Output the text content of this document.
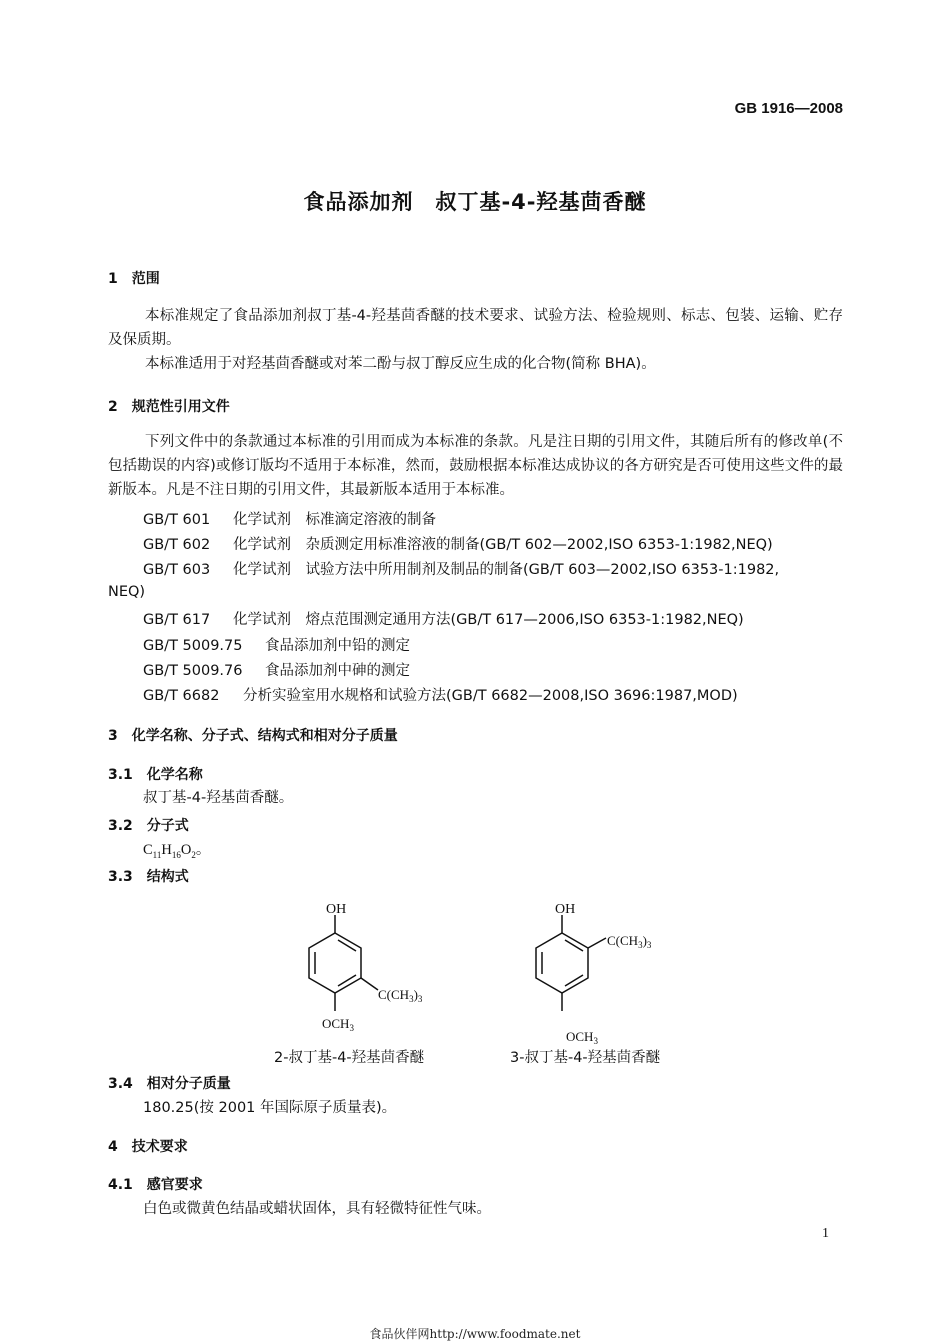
GB 1916—2008
食品添加剂　叔丁基-4-羟基茴香醚
1　范围
本标准规定了食品添加剂叔丁基-4-羟基茴香醚的技术要求、试验方法、检验规则、标志、包装、运输、贮存及保质期。
本标准适用于对羟基茴香醚或对苯二酚与叔丁醇反应生成的化合物(简称 BHA)。
2　规范性引用文件
下列文件中的条款通过本标准的引用而成为本标准的条款。凡是注日期的引用文件，其随后所有的修改单(不包括勘误的内容)或修订版均不适用于本标准，然而，鼓励根据本标准达成协议的各方研究是否可使用这些文件的最新版本。凡是不注日期的引用文件，其最新版本适用于本标准。
GB/T 601 化学试剂　标准滴定溶液的制备
GB/T 602 化学试剂　杂质测定用标准溶液的制备(GB/T 602—2002,ISO 6353-1:1982,NEQ)
GB/T 603 化学试剂　试验方法中所用制剂及制品的制备(GB/T 603—2002,ISO 6353-1:1982,
NEQ)
GB/T 617 化学试剂　熔点范围测定通用方法(GB/T 617—2006,ISO 6353-1:1982,NEQ)
GB/T 5009.75 食品添加剂中铅的测定
GB/T 5009.76 食品添加剂中砷的测定
GB/T 6682 分析实验室用水规格和试验方法(GB/T 6682—2008,ISO 3696:1987,MOD)
3　化学名称、分子式、结构式和相对分子质量
3.1　化学名称
叔丁基-4-羟基茴香醚。
3.2　分子式
$C_{11}H_{16}O_2$。
3.3　结构式
OH
$C(CH_3)_3$
$OCH_3$
2-叔丁基-4-羟基茴香醚
OH
$C(CH_3)_3$
$OCH_3$
3-叔丁基-4-羟基茴香醚
3.4　相对分子质量
180.25(按 2001 年国际原子质量表)。
4　技术要求
4.1　感官要求
白色或微黄色结晶或蜡状固体，具有轻微特征性气味。
1
食品伙伴网http://www.foodmate.net
